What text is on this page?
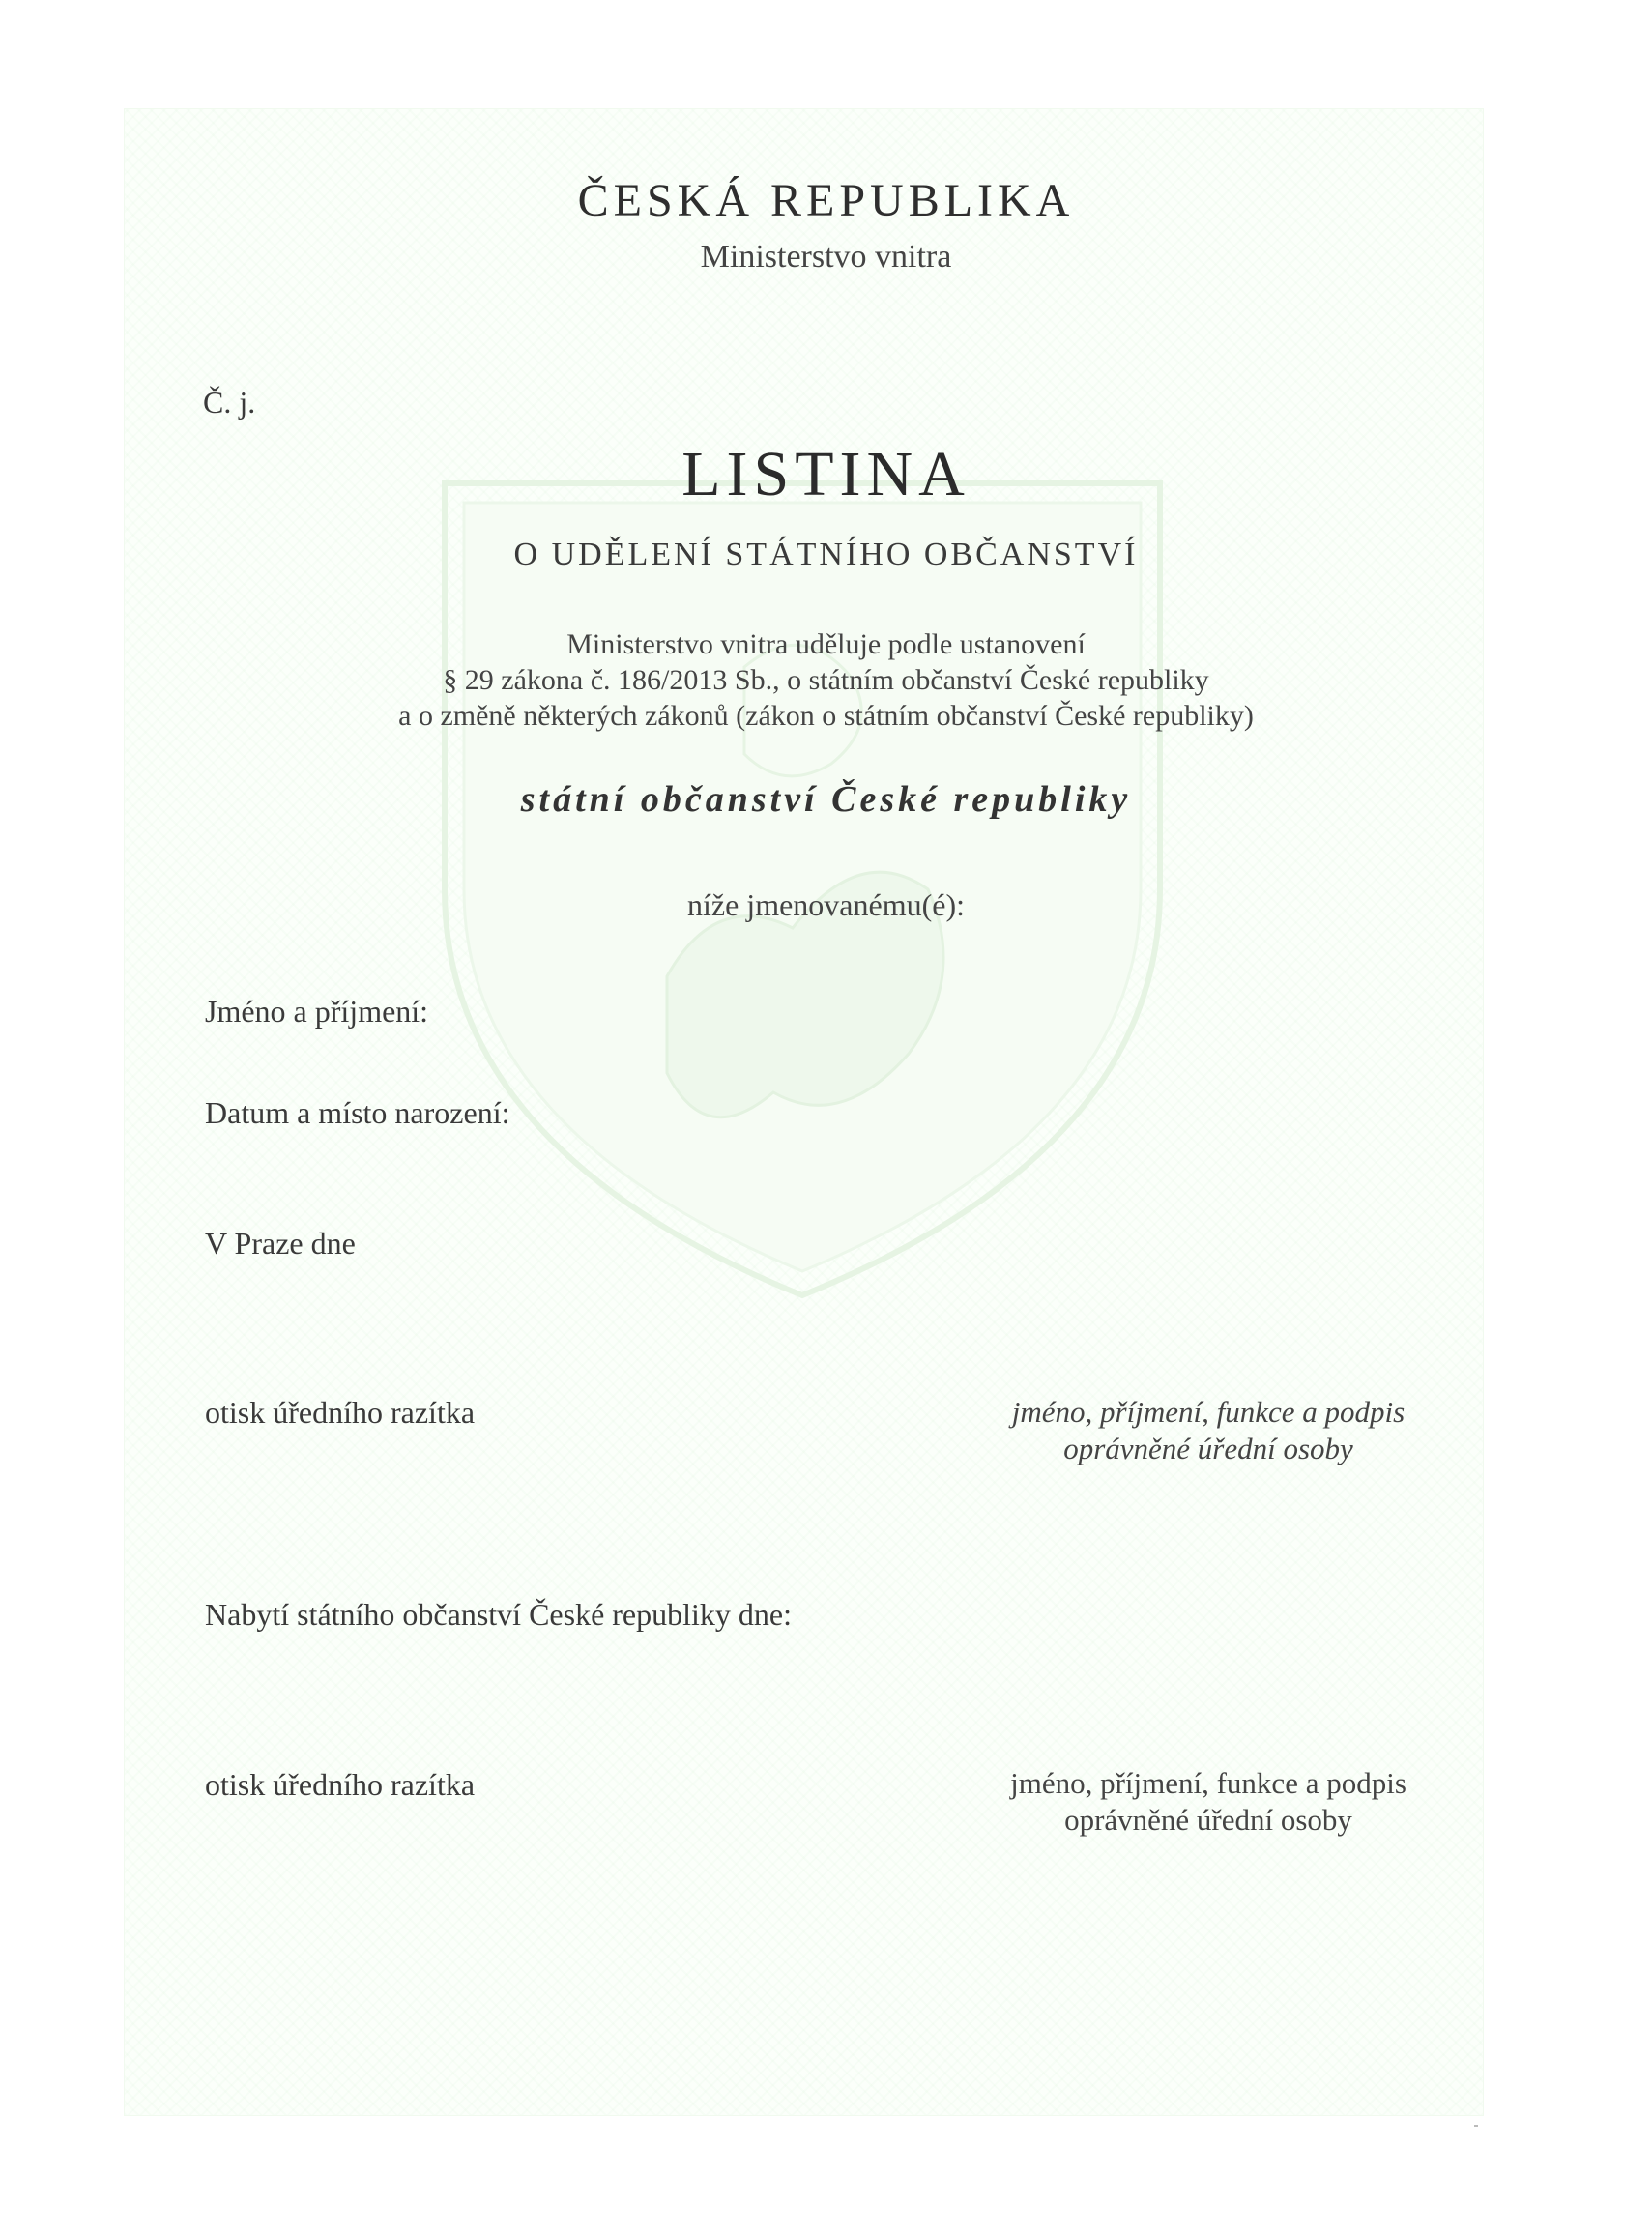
ČESKÁ REPUBLIKA
Ministerstvo vnitra
Č. j.
LISTINA
O UDĚLENÍ STÁTNÍHO OBČANSTVÍ
Ministerstvo vnitra uděluje podle ustanovení
§ 29 zákona č. 186/2013 Sb., o státním občanství České republiky
a o změně některých zákonů (zákon o státním občanství České republiky)
státní občanství České republiky
níže jmenovanému(é):
Jméno a příjmení:
Datum a místo narození:
V Praze dne
otisk úředního razítka	jméno, příjmení, funkce a podpis
oprávněné úřední osoby
Nabytí státního občanství České republiky dne:
otisk úředního razítka	jméno, příjmení, funkce a podpis
oprávněné úřední osoby
